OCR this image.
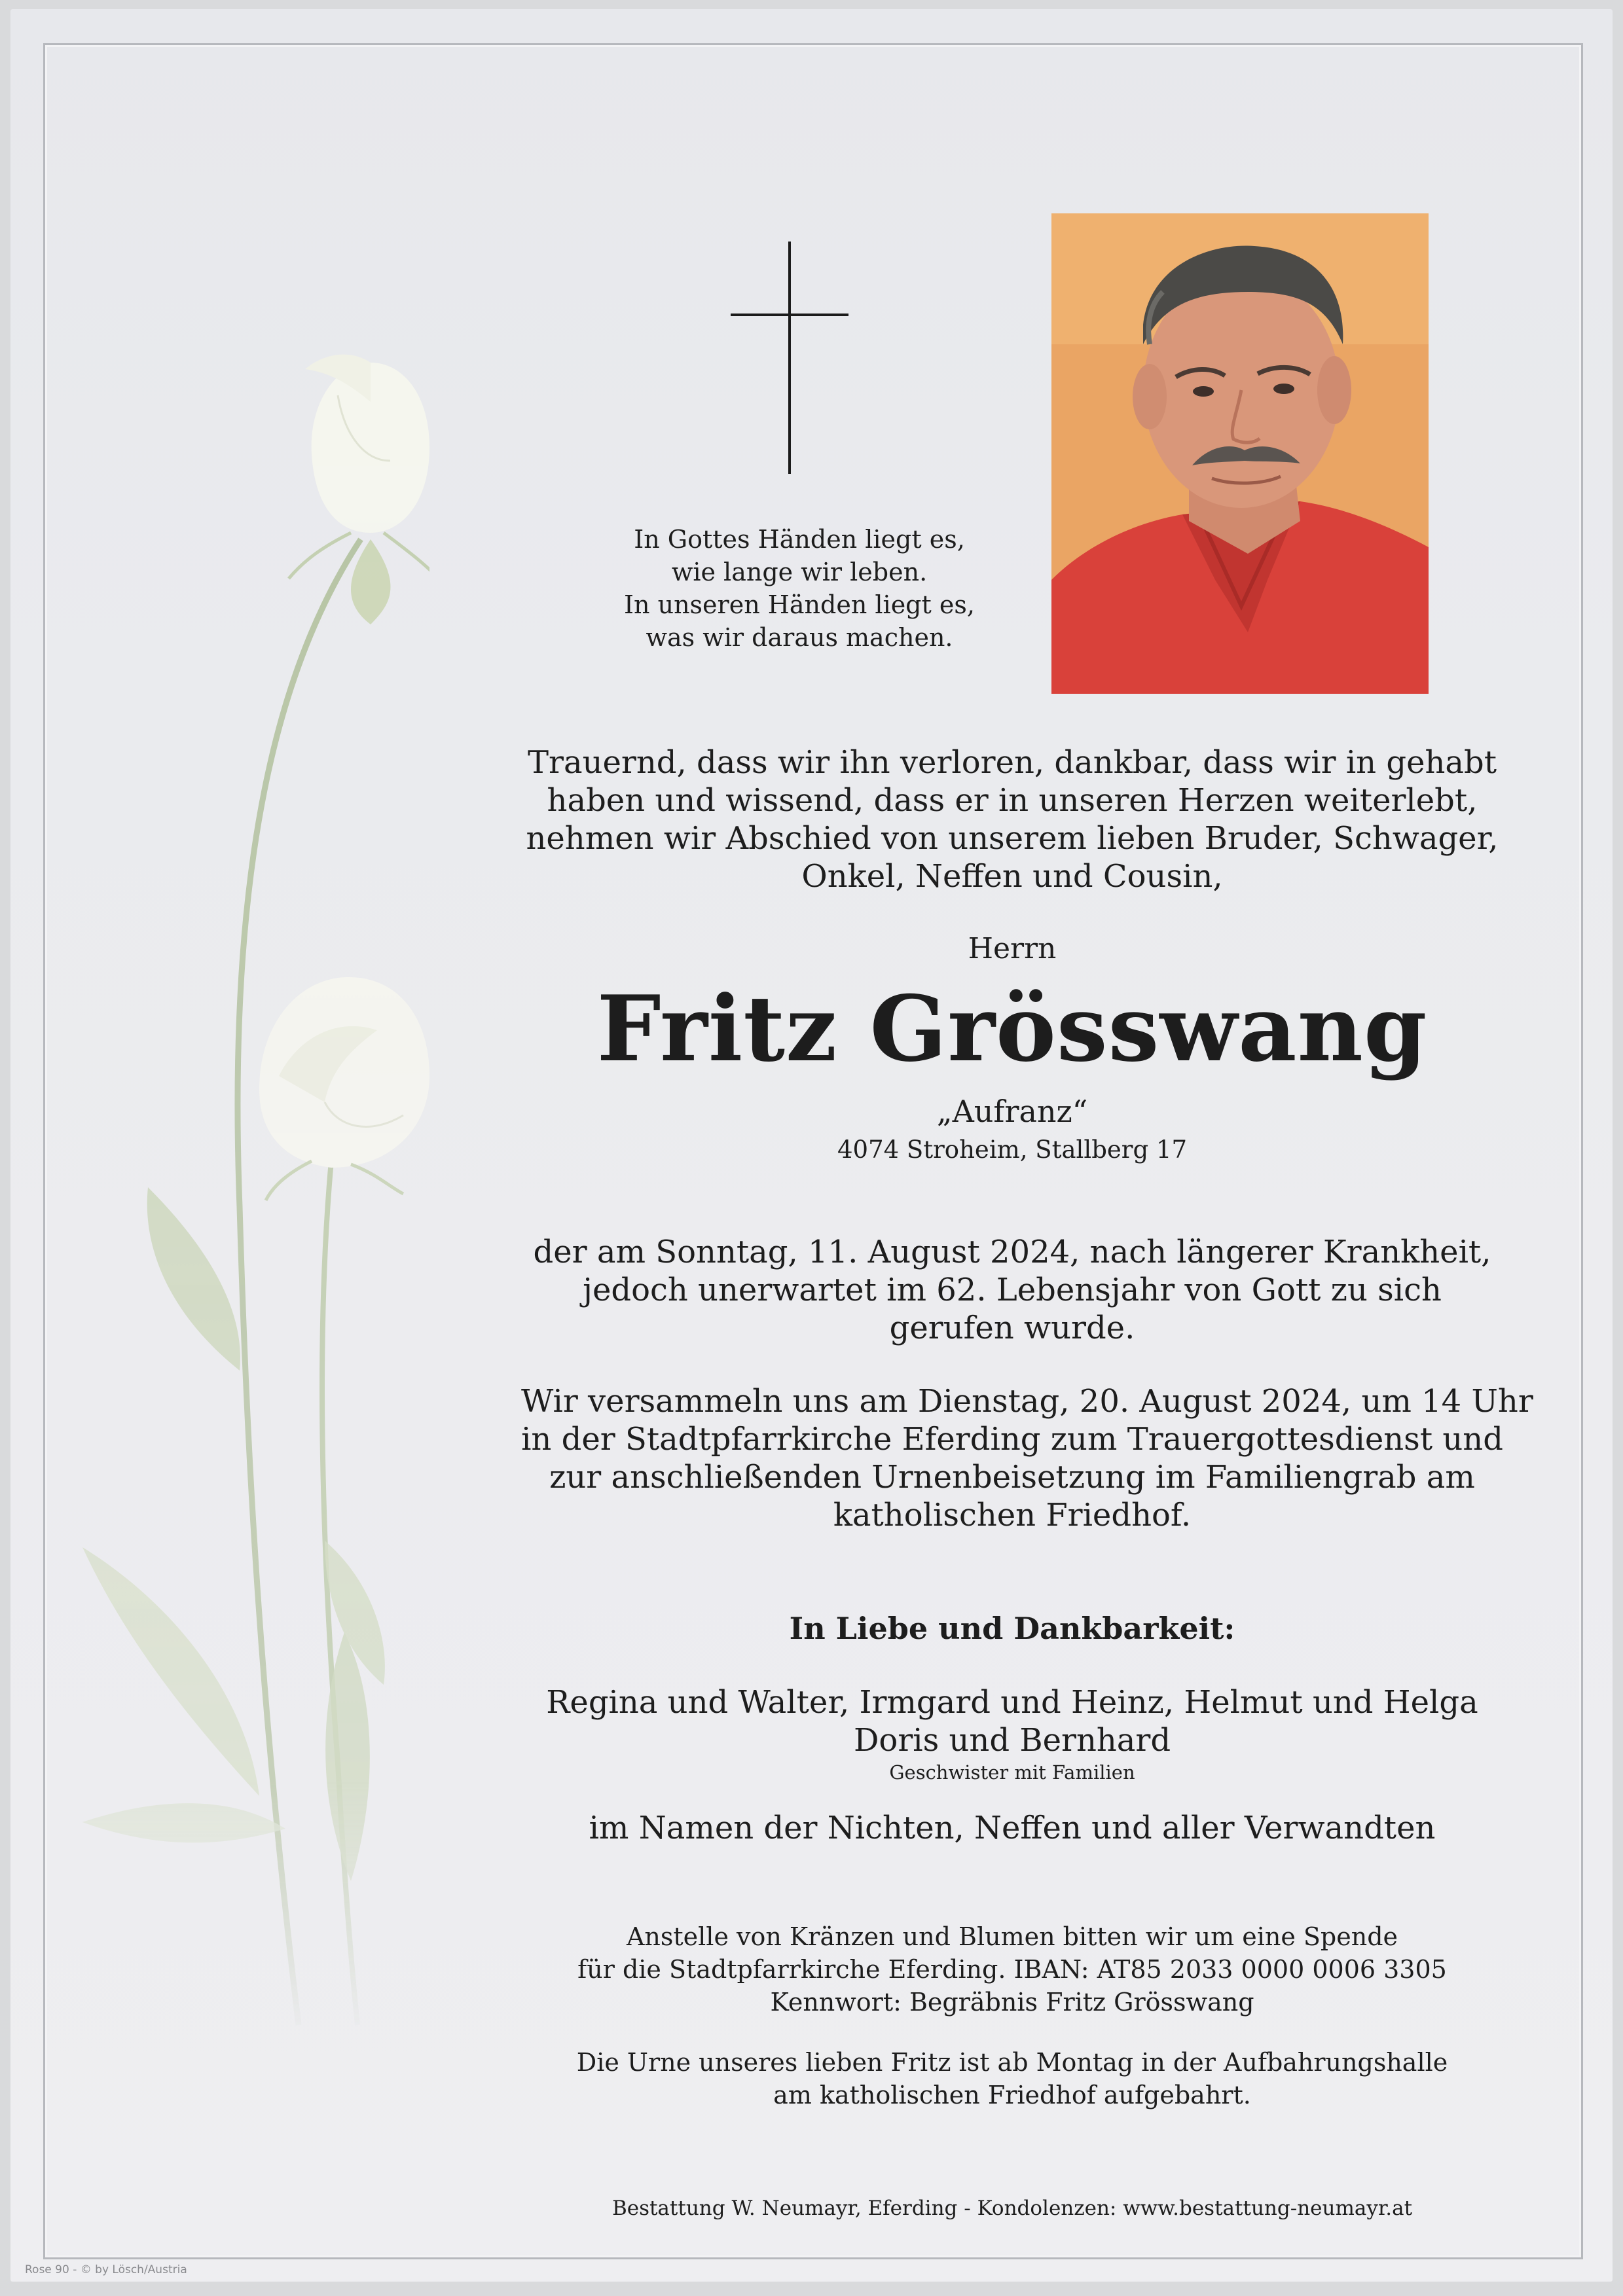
In Gottes Händen liegt es,
wie lange wir leben.
In unseren Händen liegt es,
was wir daraus machen.
Trauernd, dass wir ihn verloren, dankbar, dass wir in gehabt
haben und wissend, dass er in unseren Herzen weiterlebt,
nehmen wir Abschied von unserem lieben Bruder, Schwager,
Onkel, Neffen und Cousin,
Herrn
Fritz Grösswang
„Aufranz“
4074 Stroheim, Stallberg 17
der am Sonntag, 11. August 2024, nach längerer Krankheit,
jedoch unerwartet im 62. Lebensjahr von Gott zu sich
gerufen wurde.
Wir versammeln uns am Dienstag, 20. August 2024, um 14 Uhr
in der Stadtpfarrkirche Eferding zum Trauergottesdienst und
zur anschließenden Urnenbeisetzung im Familiengrab am
katholischen Friedhof.
In Liebe und Dankbarkeit:
Regina und Walter, Irmgard und Heinz, Helmut und Helga
Doris und Bernhard
Geschwister mit Familien
im Namen der Nichten, Neffen und aller Verwandten
Anstelle von Kränzen und Blumen bitten wir um eine Spende
für die Stadtpfarrkirche Eferding. IBAN: AT85 2033 0000 0006 3305
Kennwort: Begräbnis Fritz Grösswang
Die Urne unseres lieben Fritz ist ab Montag in der Aufbahrungshalle
am katholischen Friedhof aufgebahrt.
Bestattung W. Neumayr, Eferding - Kondolenzen: www.bestattung-neumayr.at
Rose 90 - © by Lösch/Austria
